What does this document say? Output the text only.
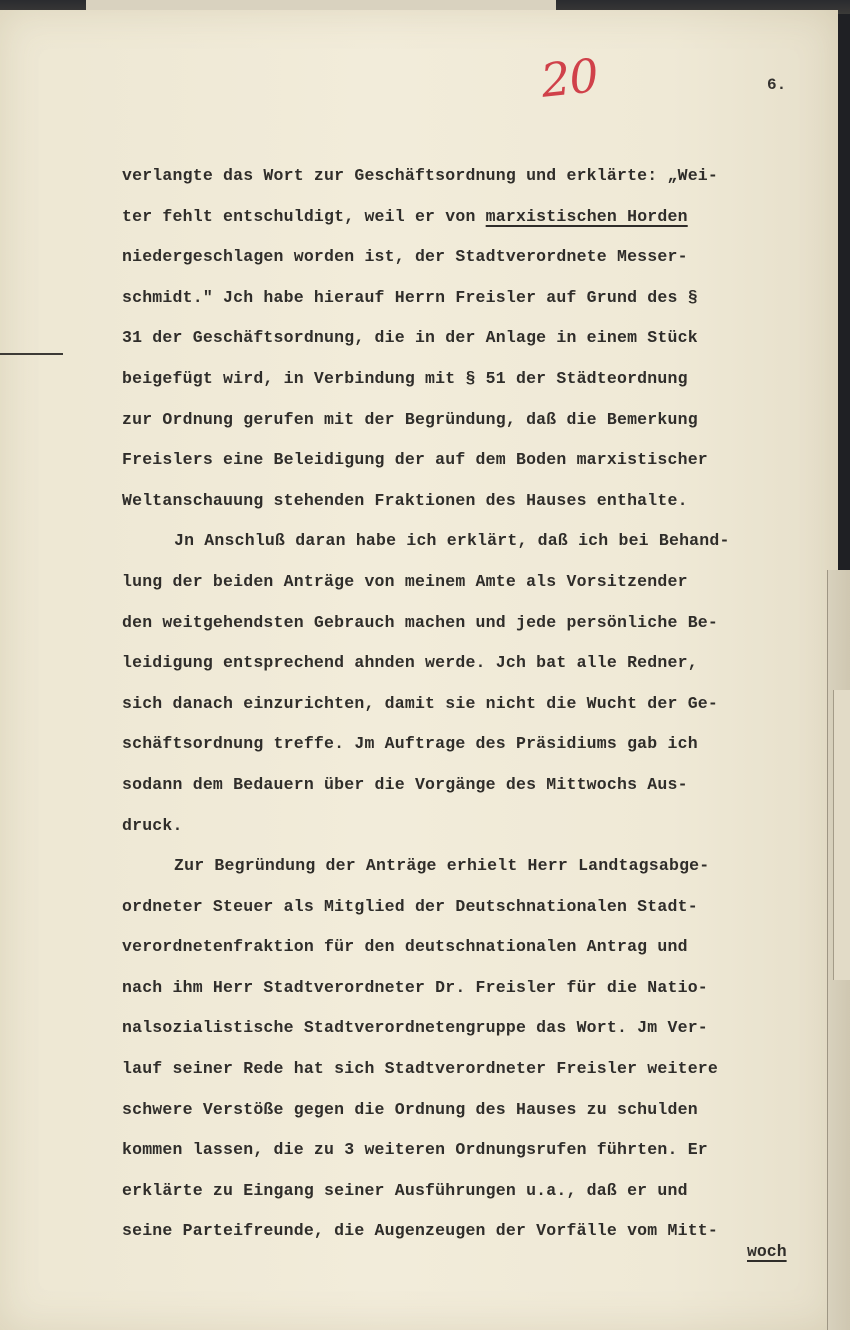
20	6.
verlangte das Wort zur Geschäftsordnung und erklärte: „Wei-
ter fehlt entschuldigt, weil er von marxistischen Horden
niedergeschlagen worden ist, der Stadtverordnete Messer-
schmidt." Jch habe hierauf Herrn Freisler auf Grund des §
31 der Geschäftsordnung, die in der Anlage in einem Stück
beigefügt wird, in Verbindung mit § 51 der Städteordnung
zur Ordnung gerufen mit der Begründung, daß die Bemerkung
Freislers eine Beleidigung der auf dem Boden marxistischer
Weltanschauung stehenden Fraktionen des Hauses enthalte.
Jn Anschluß daran habe ich erklärt, daß ich bei Behand-
lung der beiden Anträge von meinem Amte als Vorsitzender
den weitgehendsten Gebrauch machen und jede persönliche Be-
leidigung entsprechend ahnden werde. Jch bat alle Redner,
sich danach einzurichten, damit sie nicht die Wucht der Ge-
schäftsordnung treffe. Jm Auftrage des Präsidiums gab ich
sodann dem Bedauern über die Vorgänge des Mittwochs Aus-
druck.
Zur Begründung der Anträge erhielt Herr Landtagsabge-
ordneter Steuer als Mitglied der Deutschnationalen Stadt-
verordnetenfraktion für den deutschnationalen Antrag und
nach ihm Herr Stadtverordneter Dr. Freisler für die Natio-
nalsozialistische Stadtverordnetengruppe das Wort. Jm Ver-
lauf seiner Rede hat sich Stadtverordneter Freisler weitere
schwere Verstöße gegen die Ordnung des Hauses zu schulden
kommen lassen, die zu 3 weiteren Ordnungsrufen führten. Er
erklärte zu Eingang seiner Ausführungen u.a., daß er und
seine Parteifreunde, die Augenzeugen der Vorfälle vom Mitt-
woch
